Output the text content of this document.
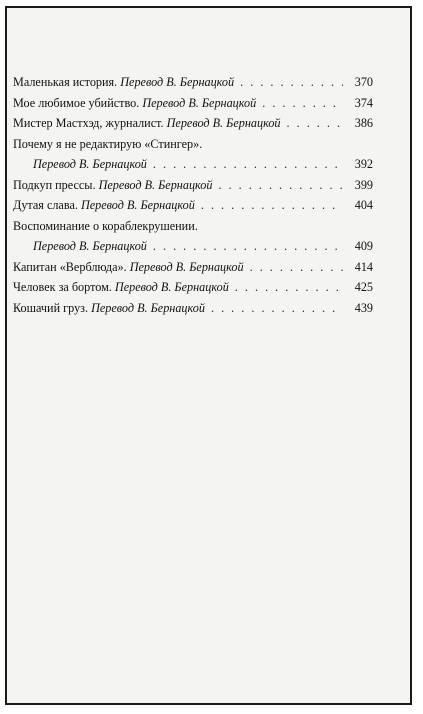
Маленькая история.
Перевод В. Бернацкой . . .	370
Мое любимое убийство.
Перевод В. Бернацкой . . .	374
Мистер Мастхэд, журналист.
Перевод В. Бернацкой . . .	386
Почему я не редактирую «Стингер».
Перевод В. Бернацкой . . .	392
Подкуп прессы.
Перевод В. Бернацкой . . .	399
Дутая слава.
Перевод В. Бернацкой . . .	404
Воспоминание о кораблекрушении.
Перевод В. Бернацкой . . .	409
Капитан «Верблюда».
Перевод В. Бернацкой . . .	414
Человек за бортом.
Перевод В. Бернацкой . . .	425
Кошачий груз.
Перевод В. Бернацкой . . .	439
